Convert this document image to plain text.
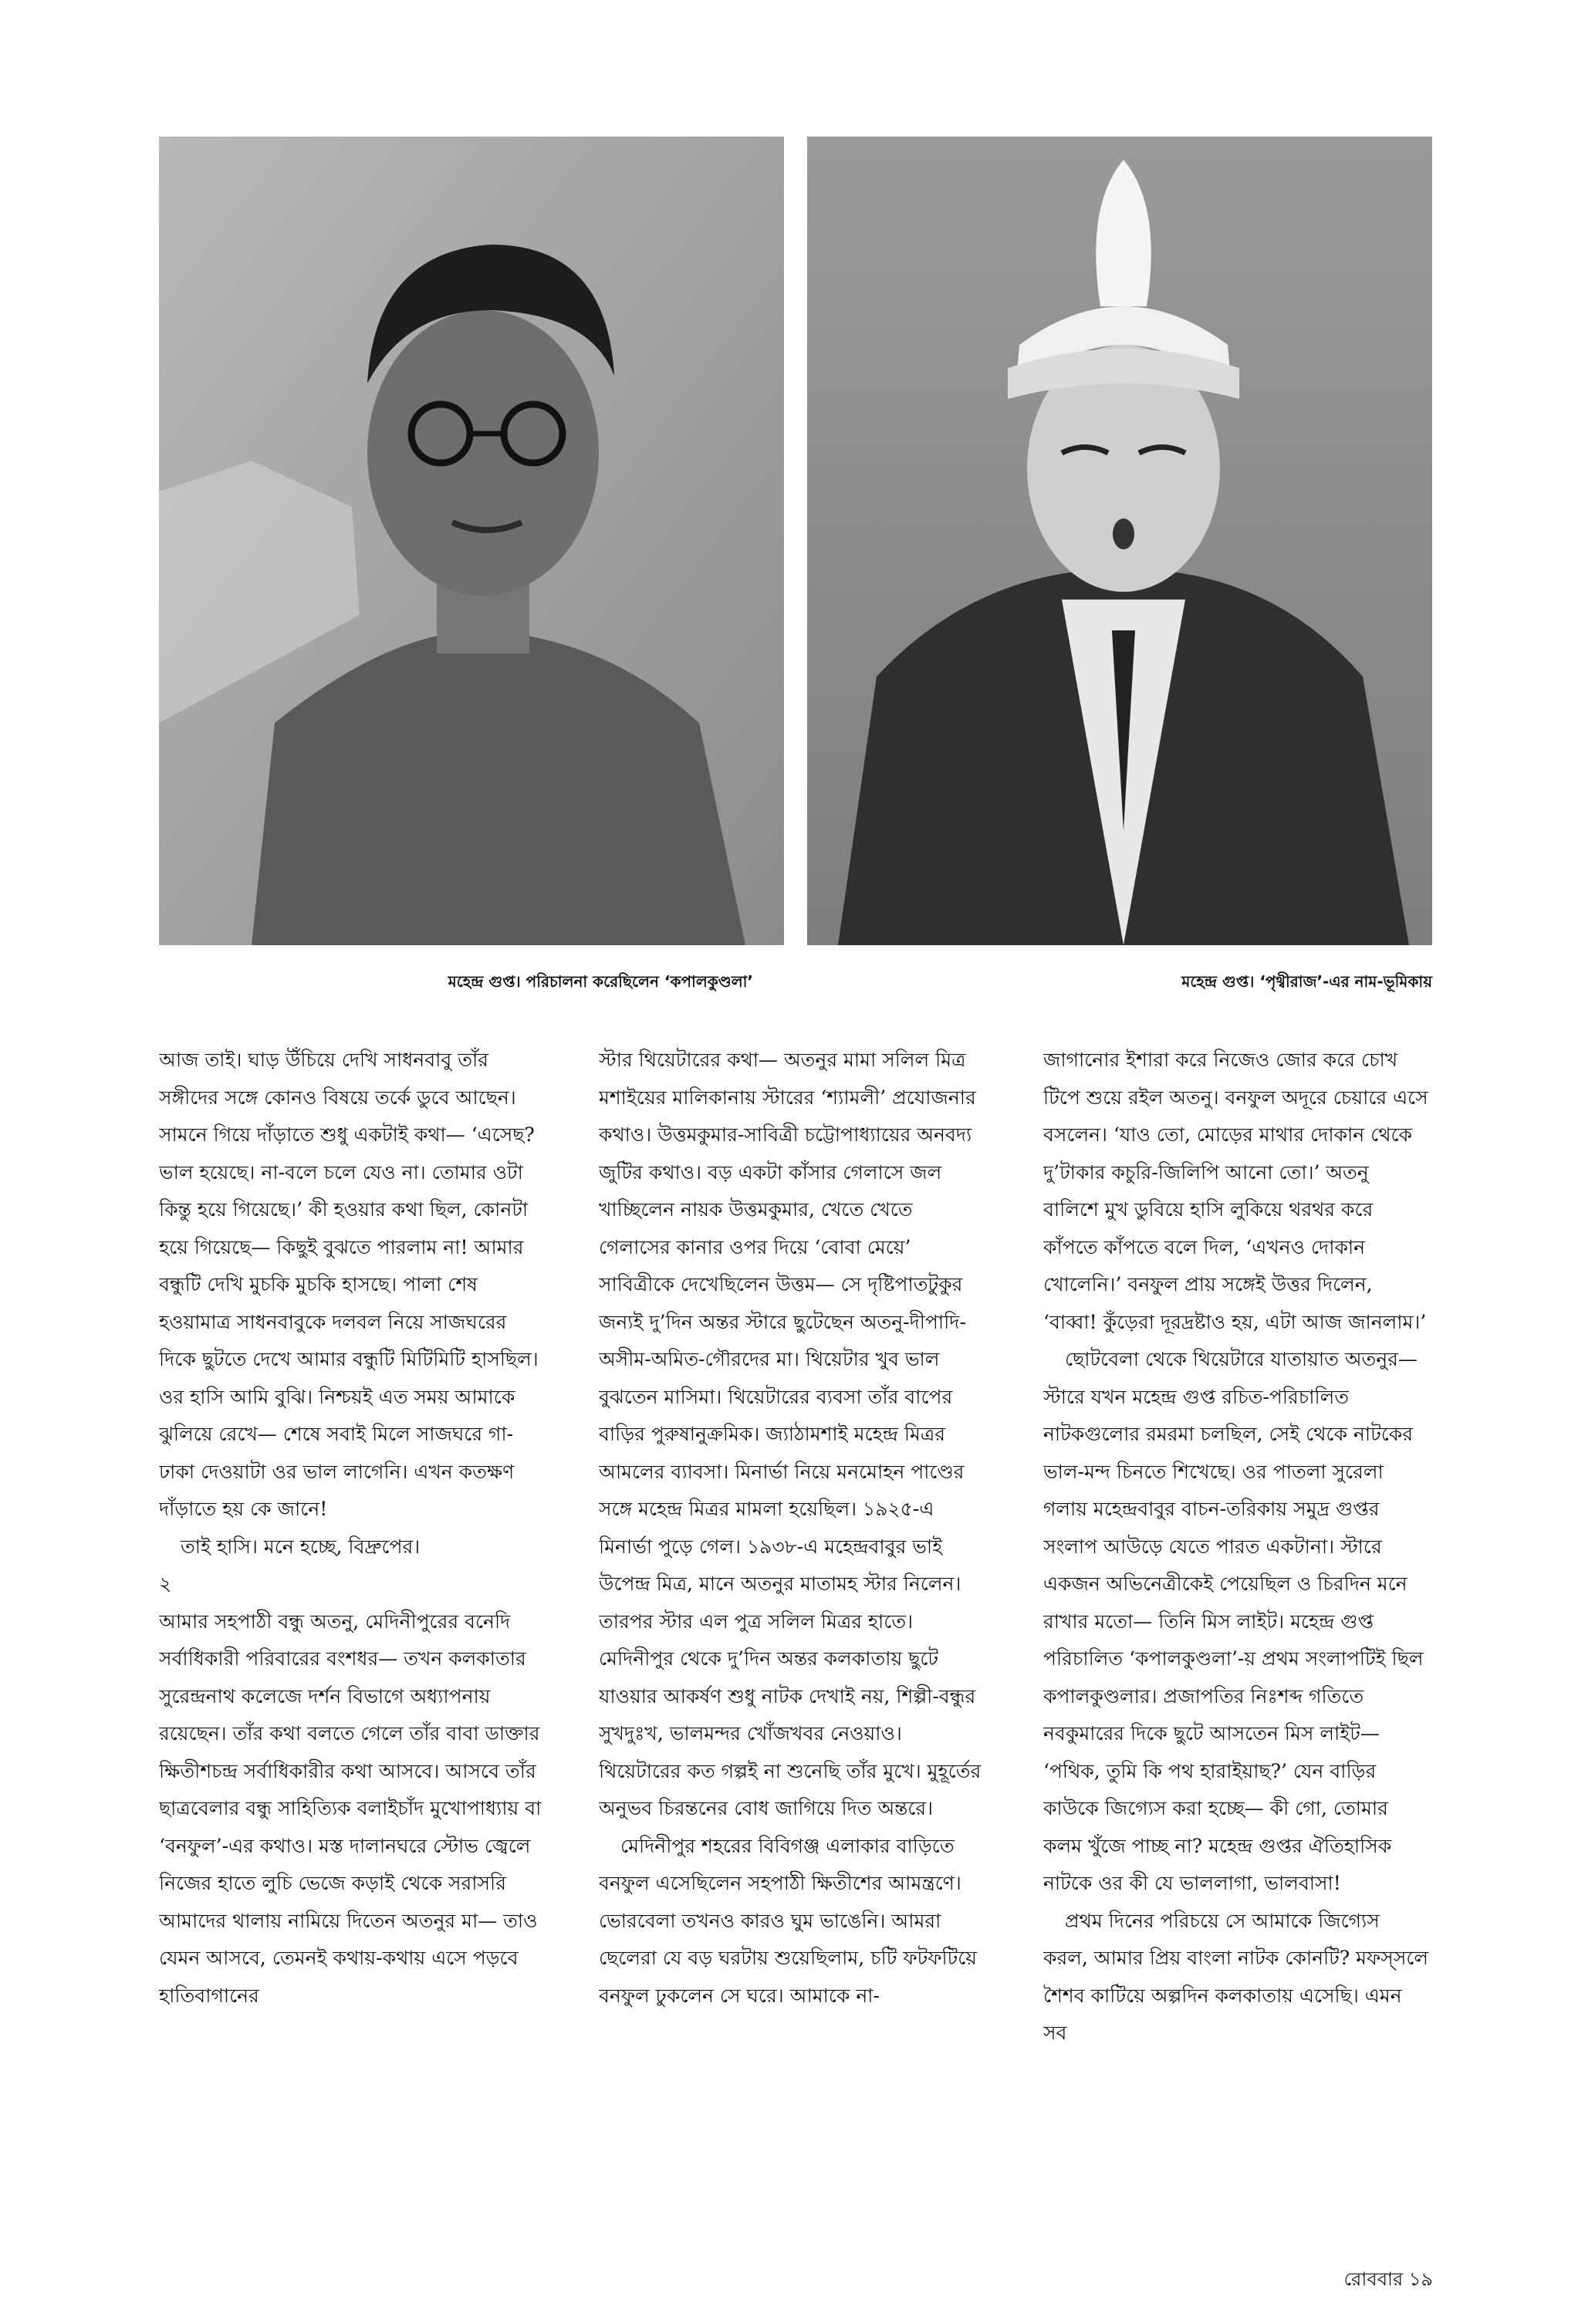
মহেন্দ্র গুপ্ত। পরিচালনা করেছিলেন ‘কপালকুণ্ডলা’	মহেন্দ্র গুপ্ত। ‘পৃথ্বীরাজ’-এর নাম-ভূমিকায়

আজ তাই। ঘাড় উঁচিয়ে দেখি সাধনবাবু তাঁর সঙ্গীদের সঙ্গে কোনও বিষয়ে তর্কে ডুবে আছেন। সামনে গিয়ে দাঁড়াতে শুধু একটাই কথা— ‘এসেছ? ভাল হয়েছে। না-বলে চলে যেও না। তোমার ওটা কিন্তু হয়ে গিয়েছে।’ কী হওয়ার কথা ছিল, কোনটা হয়ে গিয়েছে— কিছুই বুঝতে পারলাম না! আমার বন্ধুটি দেখি মুচকি মুচকি হাসছে। পালা শেষ হওয়ামাত্র সাধনবাবুকে দলবল নিয়ে সাজঘরের দিকে ছুটতে দেখে আমার বন্ধুটি মিটিমিটি হাসছিল। ওর হাসি আমি বুঝি। নিশ্চয়ই এত সময় আমাকে ঝুলিয়ে রেখে— শেষে সবাই মিলে সাজঘরে গা-ঢাকা দেওয়াটা ওর ভাল লাগেনি। এখন কতক্ষণ দাঁড়াতে হয় কে জানে!

তাই হাসি। মনে হচ্ছে, বিদ্রুপের।

২

আমার সহপাঠী বন্ধু অতনু, মেদিনীপুরের বনেদি সর্বাধিকারী পরিবারের বংশধর— তখন কলকাতার সুরেন্দ্রনাথ কলেজে দর্শন বিভাগে অধ্যাপনায় রয়েছেন। তাঁর কথা বলতে গেলে তাঁর বাবা ডাক্তার ক্ষিতীশচন্দ্র সর্বাধিকারীর কথা আসবে। আসবে তাঁর ছাত্রবেলার বন্ধু সাহিত্যিক বলাইচাঁদ মুখোপাধ্যায় বা ‘বনফুল’-এর কথাও। মস্ত দালানঘরে স্টোভ জ্বেলে নিজের হাতে লুচি ভেজে কড়াই থেকে সরাসরি আমাদের থালায় নামিয়ে দিতেন অতনুর মা— তাও যেমন আসবে, তেমনই কথায়-কথায় এসে পড়বে হাতিবাগানের

স্টার থিয়েটারের কথা— অতনুর মামা সলিল মিত্র মশাইয়ের মালিকানায় স্টারের ‘শ্যামলী’ প্রযোজনার কথাও। উত্তমকুমার-সাবিত্রী চট্টোপাধ্যায়ের অনবদ্য জুটির কথাও। বড় একটা কাঁসার গেলাসে জল খাচ্ছিলেন নায়ক উত্তমকুমার, খেতে খেতে গেলাসের কানার ওপর দিয়ে ‘বোবা মেয়ে’ সাবিত্রীকে দেখেছিলেন উত্তম— সে দৃষ্টিপাতটুকুর জন্যই দু’দিন অন্তর স্টারে ছুটেছেন অতনু-দীপাদি-অসীম-অমিত-গৌরদের মা। থিয়েটার খুব ভাল বুঝতেন মাসিমা। থিয়েটারের ব্যবসা তাঁর বাপের বাড়ির পুরুষানুক্রমিক। জ্যাঠামশাই মহেন্দ্র মিত্রর আমলের ব্যাবসা। মিনার্ভা নিয়ে মনমোহন পাণ্ডের সঙ্গে মহেন্দ্র মিত্রর মামলা হয়েছিল। ১৯২৫-এ মিনার্ভা পুড়ে গেল। ১৯৩৮-এ মহেন্দ্রবাবুর ভাই উপেন্দ্র মিত্র, মানে অতনুর মাতামহ স্টার নিলেন। তারপর স্টার এল পুত্র সলিল মিত্রর হাতে। মেদিনীপুর থেকে দু’দিন অন্তর কলকাতায় ছুটে যাওয়ার আকর্ষণ শুধু নাটক দেখাই নয়, শিল্পী-বন্ধুর সুখদুঃখ, ভালমন্দর খোঁজখবর নেওয়াও। থিয়েটারের কত গল্পই না শুনেছি তাঁর মুখে। মুহূর্তের অনুভব চিরন্তনের বোধ জাগিয়ে দিত অন্তরে।

মেদিনীপুর শহরের বিবিগঞ্জ এলাকার বাড়িতে বনফুল এসেছিলেন সহপাঠী ক্ষিতীশের আমন্ত্রণে। ভোরবেলা তখনও কারও ঘুম ভাঙেনি। আমরা ছেলেরা যে বড় ঘরটায় শুয়েছিলাম, চটি ফটফটিয়ে বনফুল ঢুকলেন সে ঘরে। আমাকে না-

জাগানোর ইশারা করে নিজেও জোর করে চোখ টিপে শুয়ে রইল অতনু। বনফুল অদূরে চেয়ারে এসে বসলেন। ‘যাও তো, মোড়ের মাথার দোকান থেকে দু’টাকার কচুরি-জিলিপি আনো তো।’ অতনু বালিশে মুখ ডুবিয়ে হাসি লুকিয়ে থরথর করে কাঁপতে কাঁপতে বলে দিল, ‘এখনও দোকান খোলেনি।’ বনফুল প্রায় সঙ্গেই উত্তর দিলেন, ‘বাব্বা! কুঁড়েরা দূরদ্রষ্টাও হয়, এটা আজ জানলাম।’

ছোটবেলা থেকে থিয়েটারে যাতায়াত অতনুর— স্টারে যখন মহেন্দ্র গুপ্ত রচিত-পরিচালিত নাটকগুলোর রমরমা চলছিল, সেই থেকে নাটকের ভাল-মন্দ চিনতে শিখেছে। ওর পাতলা সুরেলা গলায় মহেন্দ্রবাবুর বাচন-তরিকায় সমুদ্র গুপ্তর সংলাপ আউড়ে যেতে পারত একটানা। স্টারে একজন অভিনেত্রীকেই পেয়েছিল ও চিরদিন মনে রাখার মতো— তিনি মিস লাইট। মহেন্দ্র গুপ্ত পরিচালিত ‘কপালকুণ্ডলা’-য় প্রথম সংলাপটিই ছিল কপালকুণ্ডলার। প্রজাপতির নিঃশব্দ গতিতে নবকুমারের দিকে ছুটে আসতেন মিস লাইট— ‘পথিক, তুমি কি পথ হারাইয়াছ?’ যেন বাড়ির কাউকে জিগ্যেস করা হচ্ছে— কী গো, তোমার কলম খুঁজে পাচ্ছ না? মহেন্দ্র গুপ্তর ঐতিহাসিক নাটকে ওর কী যে ভাললাগা, ভালবাসা!

প্রথম দিনের পরিচয়ে সে আমাকে জিগ্যেস করল, আমার প্রিয় বাংলা নাটক কোনটি? মফস্সলে শৈশব কাটিয়ে অল্পদিন কলকাতায় এসেছি। এমন সব

রোববার ১৯
